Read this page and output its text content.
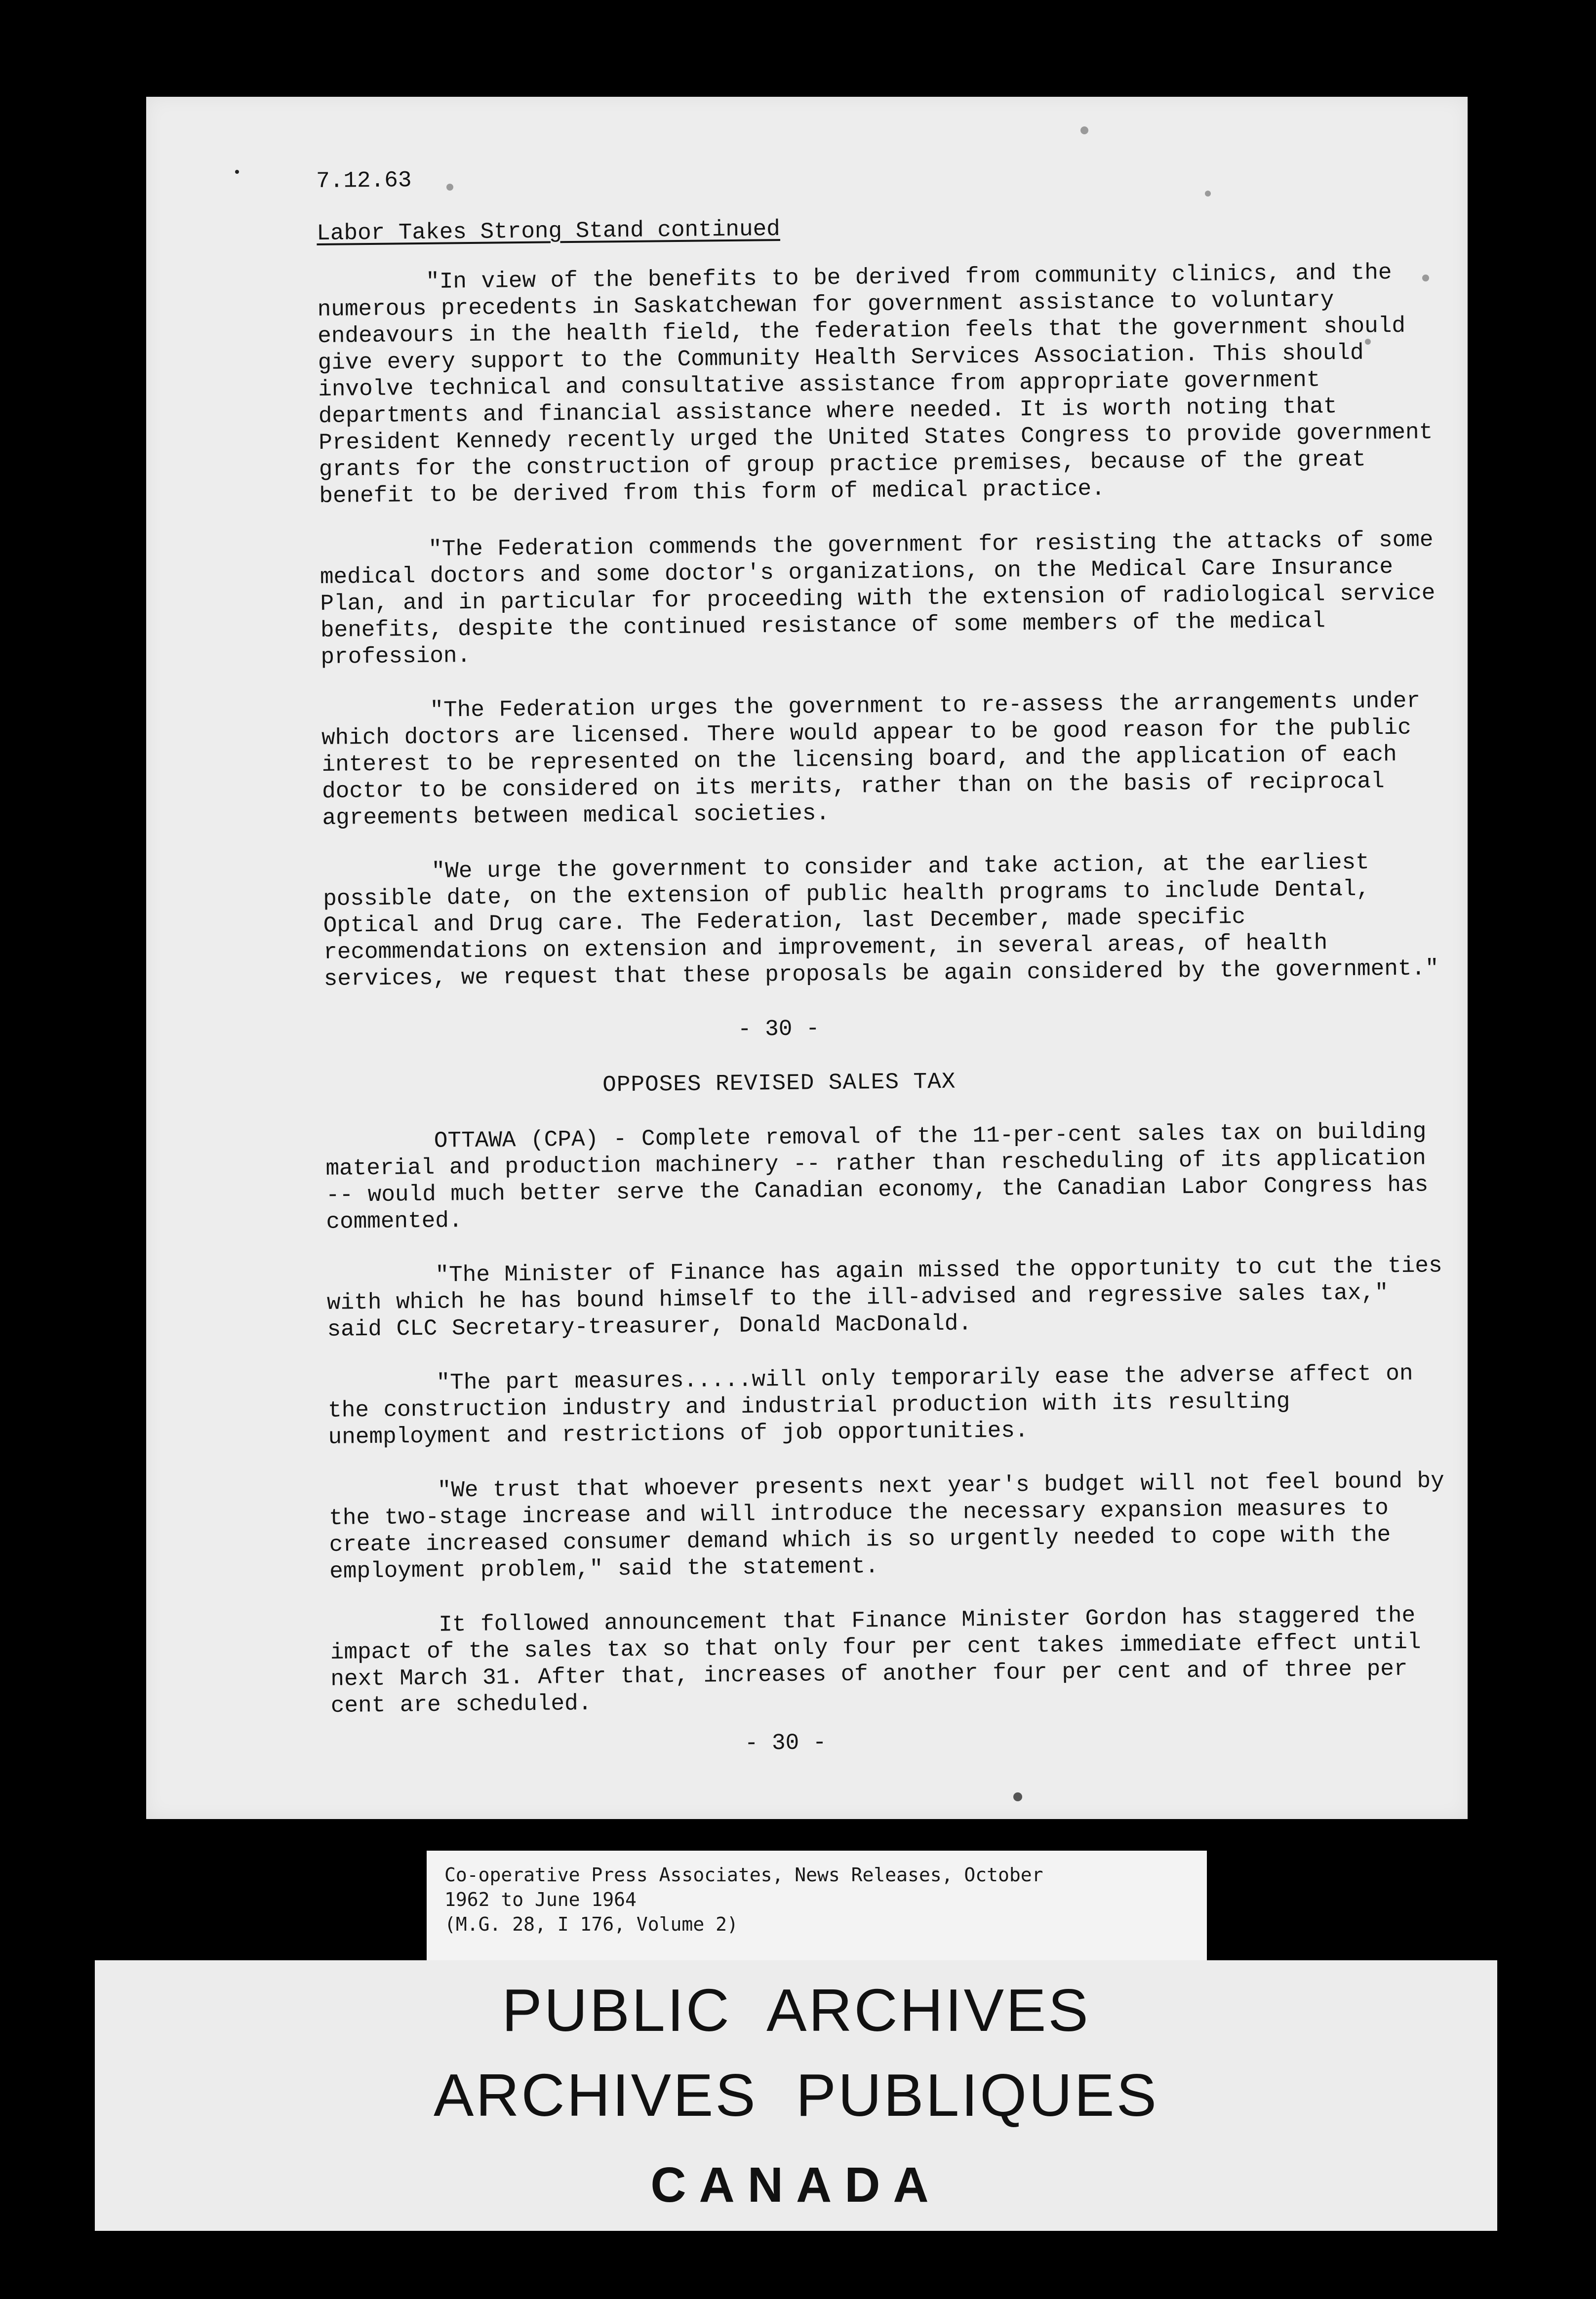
7.12.63
Labor Takes Strong Stand continued
"In view of the benefits to be derived from community clinics, and the numerous precedents in Saskatchewan for government assistance to voluntary endeavours in the health field, the federation feels that the government should give every support to the Community Health Services Association. This should involve technical and consultative assistance from appropriate government departments and financial assistance where needed. It is worth noting that President Kennedy recently urged the United States Congress to provide government grants for the construction of group practice premises, because of the great benefit to be derived from this form of medical practice.
"The Federation commends the government for resisting the attacks of some medical doctors and some doctor's organizations, on the Medical Care Insurance Plan, and in particular for proceeding with the extension of radiological service benefits, despite the continued resistance of some members of the medical profession.
"The Federation urges the government to re-assess the arrangements under which doctors are licensed. There would appear to be good reason for the public interest to be represented on the licensing board, and the application of each doctor to be considered on its merits, rather than on the basis of reciprocal agreements between medical societies.
"We urge the government to consider and take action, at the earliest possible date, on the extension of public health programs to include Dental, Optical and Drug care. The Federation, last December, made specific recommendations on extension and improvement, in several areas, of health services, we request that these proposals be again considered by the government."
- 30 -
OPPOSES REVISED SALES TAX
OTTAWA (CPA) - Complete removal of the 11-per-cent sales tax on building material and production machinery -- rather than rescheduling of its application -- would much better serve the Canadian economy, the Canadian Labor Congress has commented.
"The Minister of Finance has again missed the opportunity to cut the ties with which he has bound himself to the ill-advised and regressive sales tax," said CLC Secretary-treasurer, Donald MacDonald.
"The part measures.....will only temporarily ease the adverse affect on the construction industry and industrial production with its resulting unemployment and restrictions of job opportunities.
"We trust that whoever presents next year's budget will not feel bound by the two-stage increase and will introduce the necessary expansion measures to create increased consumer demand which is so urgently needed to cope with the employment problem," said the statement.
It followed announcement that Finance Minister Gordon has staggered the impact of the sales tax so that only four per cent takes immediate effect until next March 31. After that, increases of another four per cent and of three per cent are scheduled.
- 30 -
Co-operative Press Associates, News Releases, October
1962 to June 1964
(M.G. 28, I 176, Volume 2)
PUBLIC ARCHIVES
ARCHIVES PUBLIQUES
CANADA
